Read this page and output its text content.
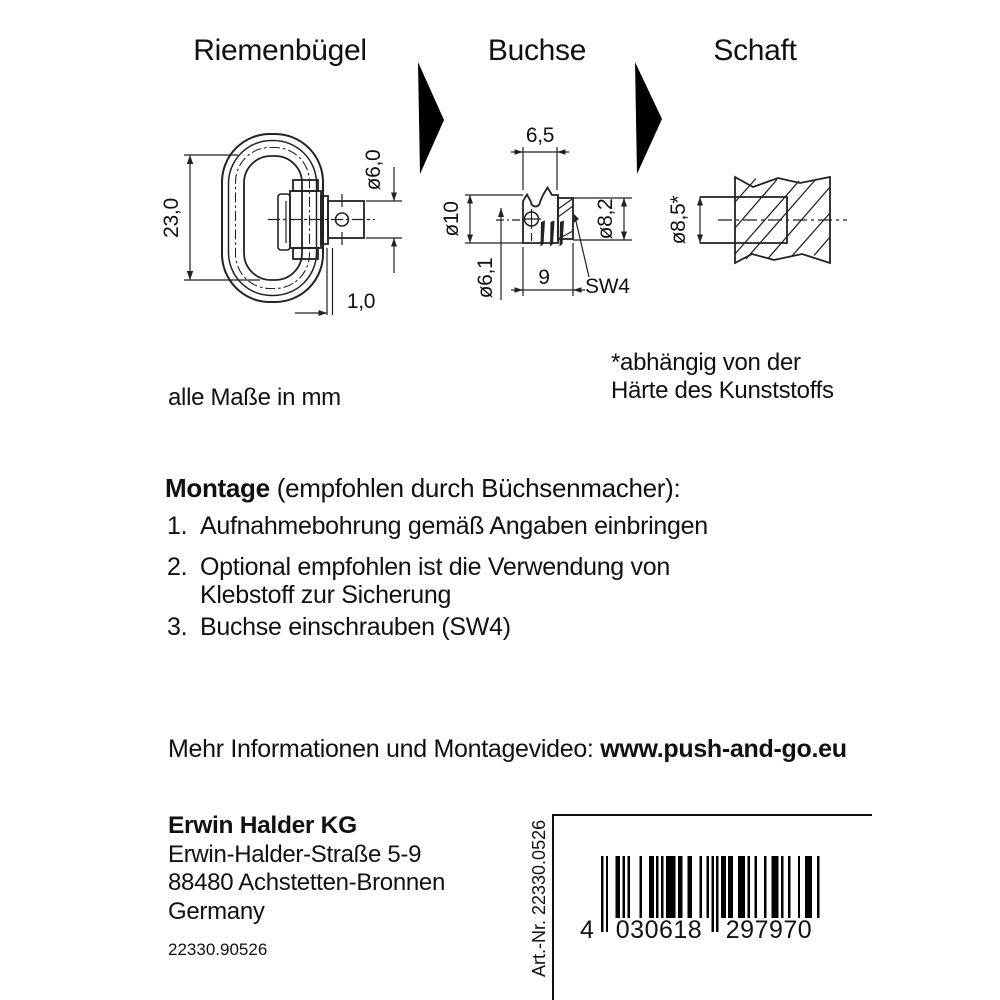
Riemenbügel	Buchse	Schaft
23,0
ø6,0
1,0
6,5
ø10	ø8,2
ø6,1 9 SW4
ø8,5*
alle Maße in mm
*abhängig von der
Härte des Kunststoffs
Montage (empfohlen durch Büchsenmacher):
1. Aufnahmebohrung gemäß Angaben einbringen
2. Optional empfohlen ist die Verwendung von
Klebstoff zur Sicherung
3. Buchse einschrauben (SW4)
Mehr Informationen und Montagevideo: www.push-and-go.eu
Erwin Halder KG
Erwin-Halder-Straße 5-9
88480 Achstetten-Bronnen
Germany
22330.90526	Art.-Nr. 22330.0526 4 030618 297970
